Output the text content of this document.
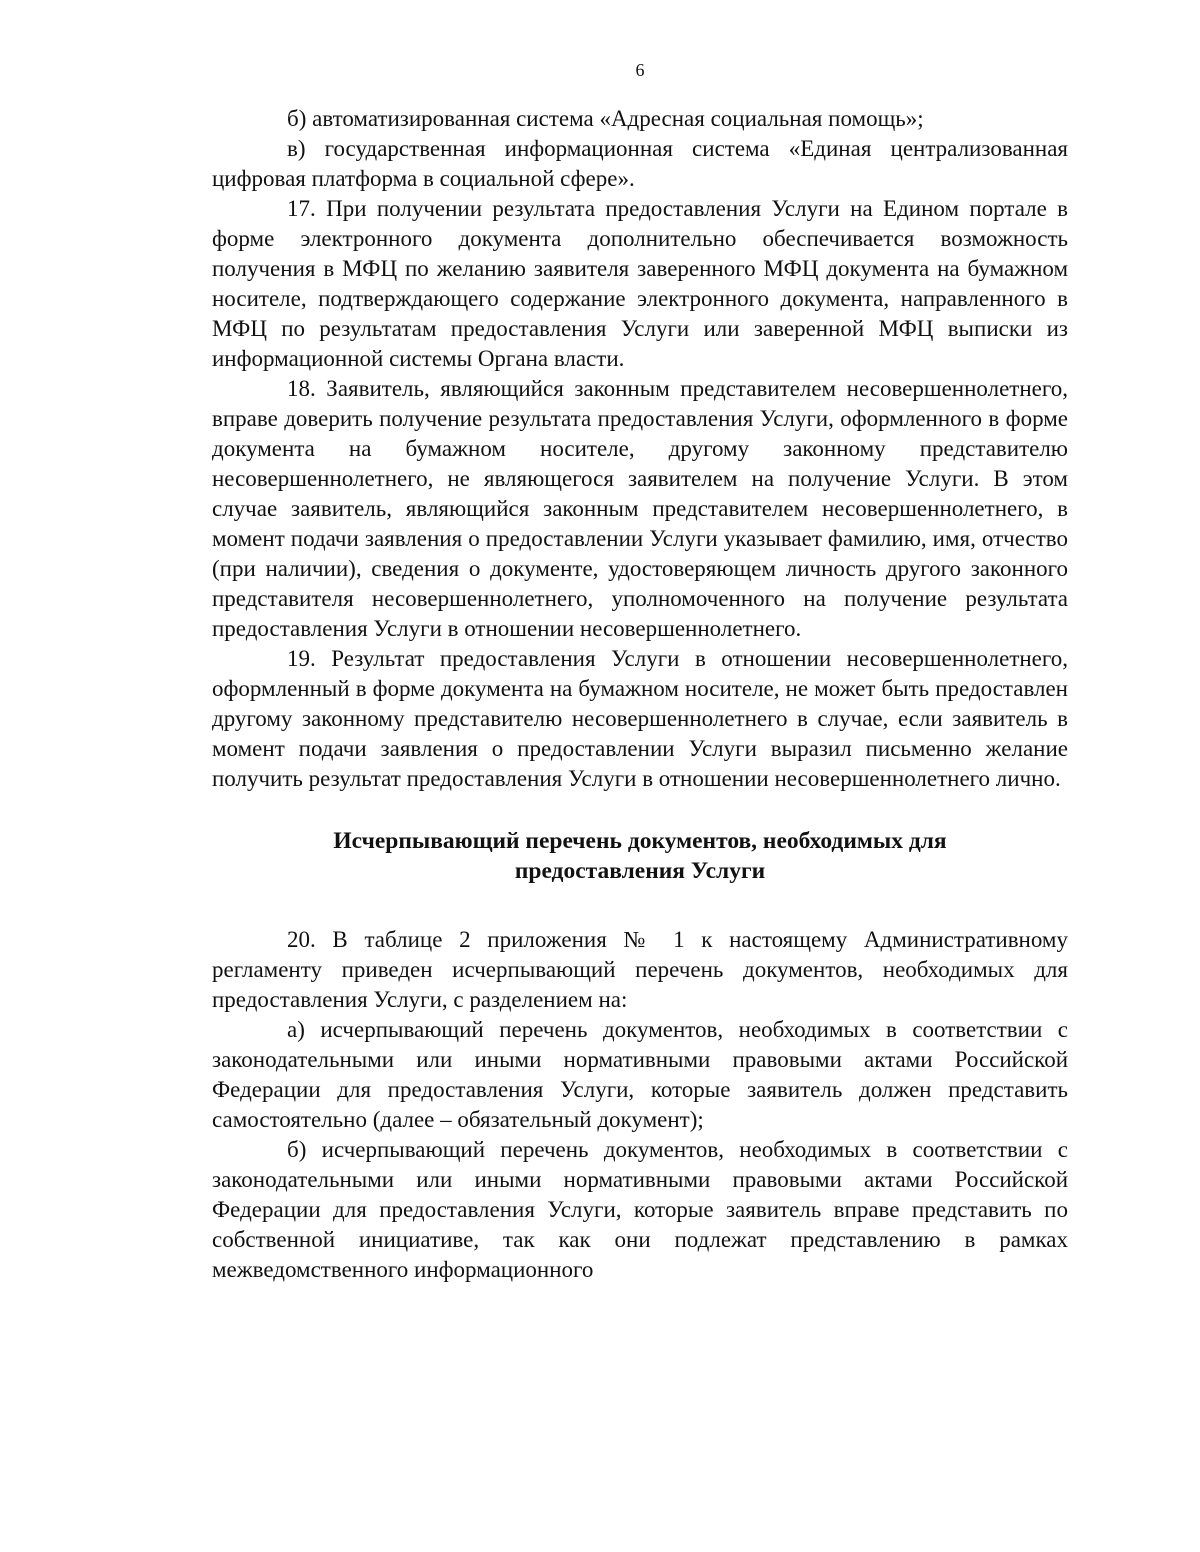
6

б) автоматизированная система «Адресная социальная помощь»;

в) государственная информационная система «Единая централизованная цифровая платформа в социальной сфере».

17. При получении результата предоставления Услуги на Едином портале в форме электронного документа дополнительно обеспечивается возможность получения в МФЦ по желанию заявителя заверенного МФЦ документа на бумажном носителе, подтверждающего содержание электронного документа, направленного в МФЦ по результатам предоставления Услуги или заверенной МФЦ выписки из информационной системы Органа власти.

18. Заявитель, являющийся законным представителем несовершеннолетнего, вправе доверить получение результата предоставления Услуги, оформленного в форме документа на бумажном носителе, другому законному представителю несовершеннолетнего, не являющегося заявителем на получение Услуги. В этом случае заявитель, являющийся законным представителем несовершеннолетнего, в момент подачи заявления о предоставлении Услуги указывает фамилию, имя, отчество (при наличии), сведения о документе, удостоверяющем личность другого законного представителя несовершеннолетнего, уполномоченного на получение результата предоставления Услуги в отношении несовершеннолетнего.

19. Результат предоставления Услуги в отношении несовершеннолетнего, оформленный в форме документа на бумажном носителе, не может быть предоставлен другому законному представителю несовершеннолетнего в случае, если заявитель в момент подачи заявления о предоставлении Услуги выразил письменно желание получить результат предоставления Услуги в отношении несовершеннолетнего лично.

Исчерпывающий перечень документов, необходимых для
предоставления Услуги

20. В таблице 2 приложения № 1 к настоящему Административному регламенту приведен исчерпывающий перечень документов, необходимых для предоставления Услуги, с разделением на:

а) исчерпывающий перечень документов, необходимых в соответствии с законодательными или иными нормативными правовыми актами Российской Федерации для предоставления Услуги, которые заявитель должен представить самостоятельно (далее – обязательный документ);

б) исчерпывающий перечень документов, необходимых в соответствии с законодательными или иными нормативными правовыми актами Российской Федерации для предоставления Услуги, которые заявитель вправе представить по собственной инициативе, так как они подлежат представлению в рамках межведомственного информационного
